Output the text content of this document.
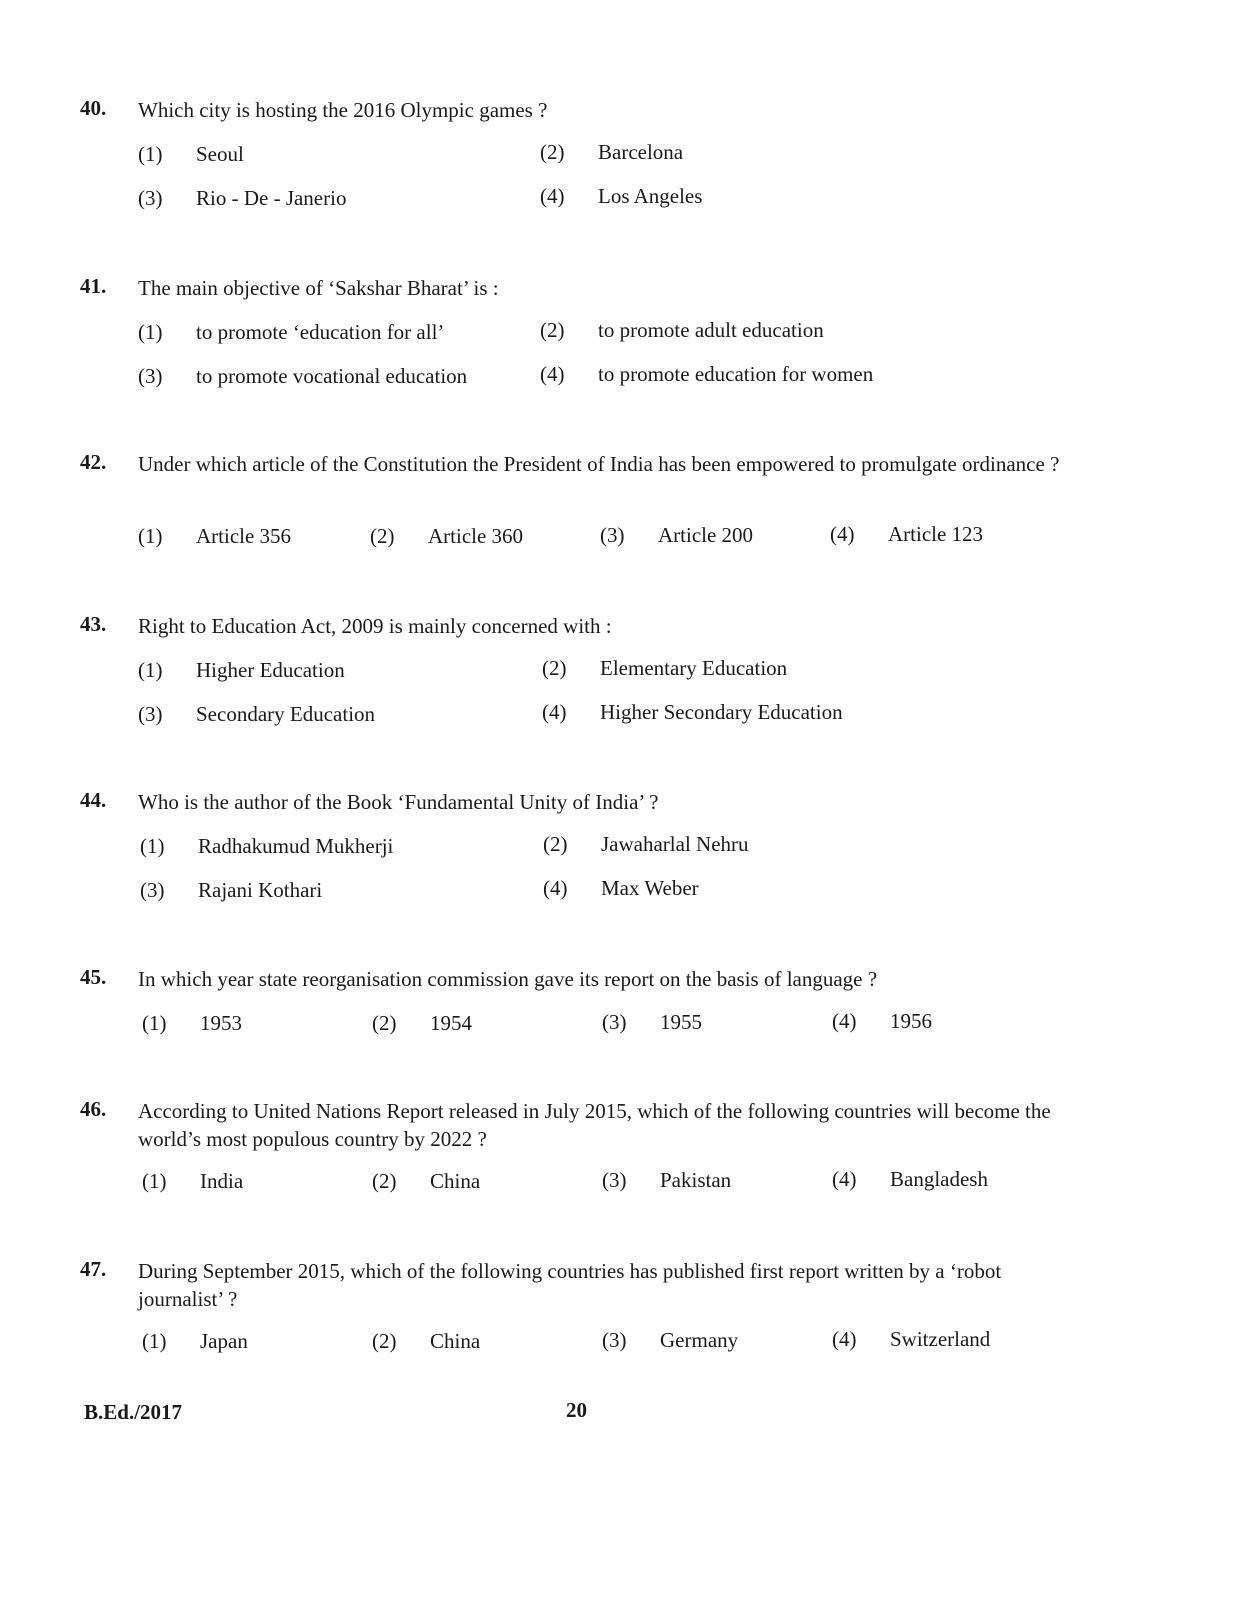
40. Which city is hosting the 2016 Olympic games ?
(1) Seoul	(2) Barcelona
(3) Rio - De - Janerio	(4) Los Angeles
41. The main objective of ‘Sakshar Bharat’ is :
(1) to promote ‘education for all’	(2) to promote adult education
(3) to promote vocational education	(4) to promote education for women
42. Under which article of the Constitution the President of India has been empowered to promulgate ordinance ?
(1) Article 356	(2) Article 360	(3) Article 200	(4) Article 123
43. Right to Education Act, 2009 is mainly concerned with :
(1) Higher Education	(2) Elementary Education
(3) Secondary Education	(4) Higher Secondary Education
44. Who is the author of the Book ‘Fundamental Unity of India’ ?
(1) Radhakumud Mukherji	(2) Jawaharlal Nehru
(3) Rajani Kothari	(4) Max Weber
45. In which year state reorganisation commission gave its report on the basis of language ?
(1) 1953	(2) 1954	(3) 1955	(4) 1956
46. According to United Nations Report released in July 2015, which of the following countries will become the world’s most populous country by 2022 ?
(1) India	(2) China	(3) Pakistan	(4) Bangladesh
47. During September 2015, which of the following countries has published first report written by a ‘robot journalist’ ?
(1) Japan	(2) China	(3) Germany	(4) Switzerland
B.Ed./2017	20
